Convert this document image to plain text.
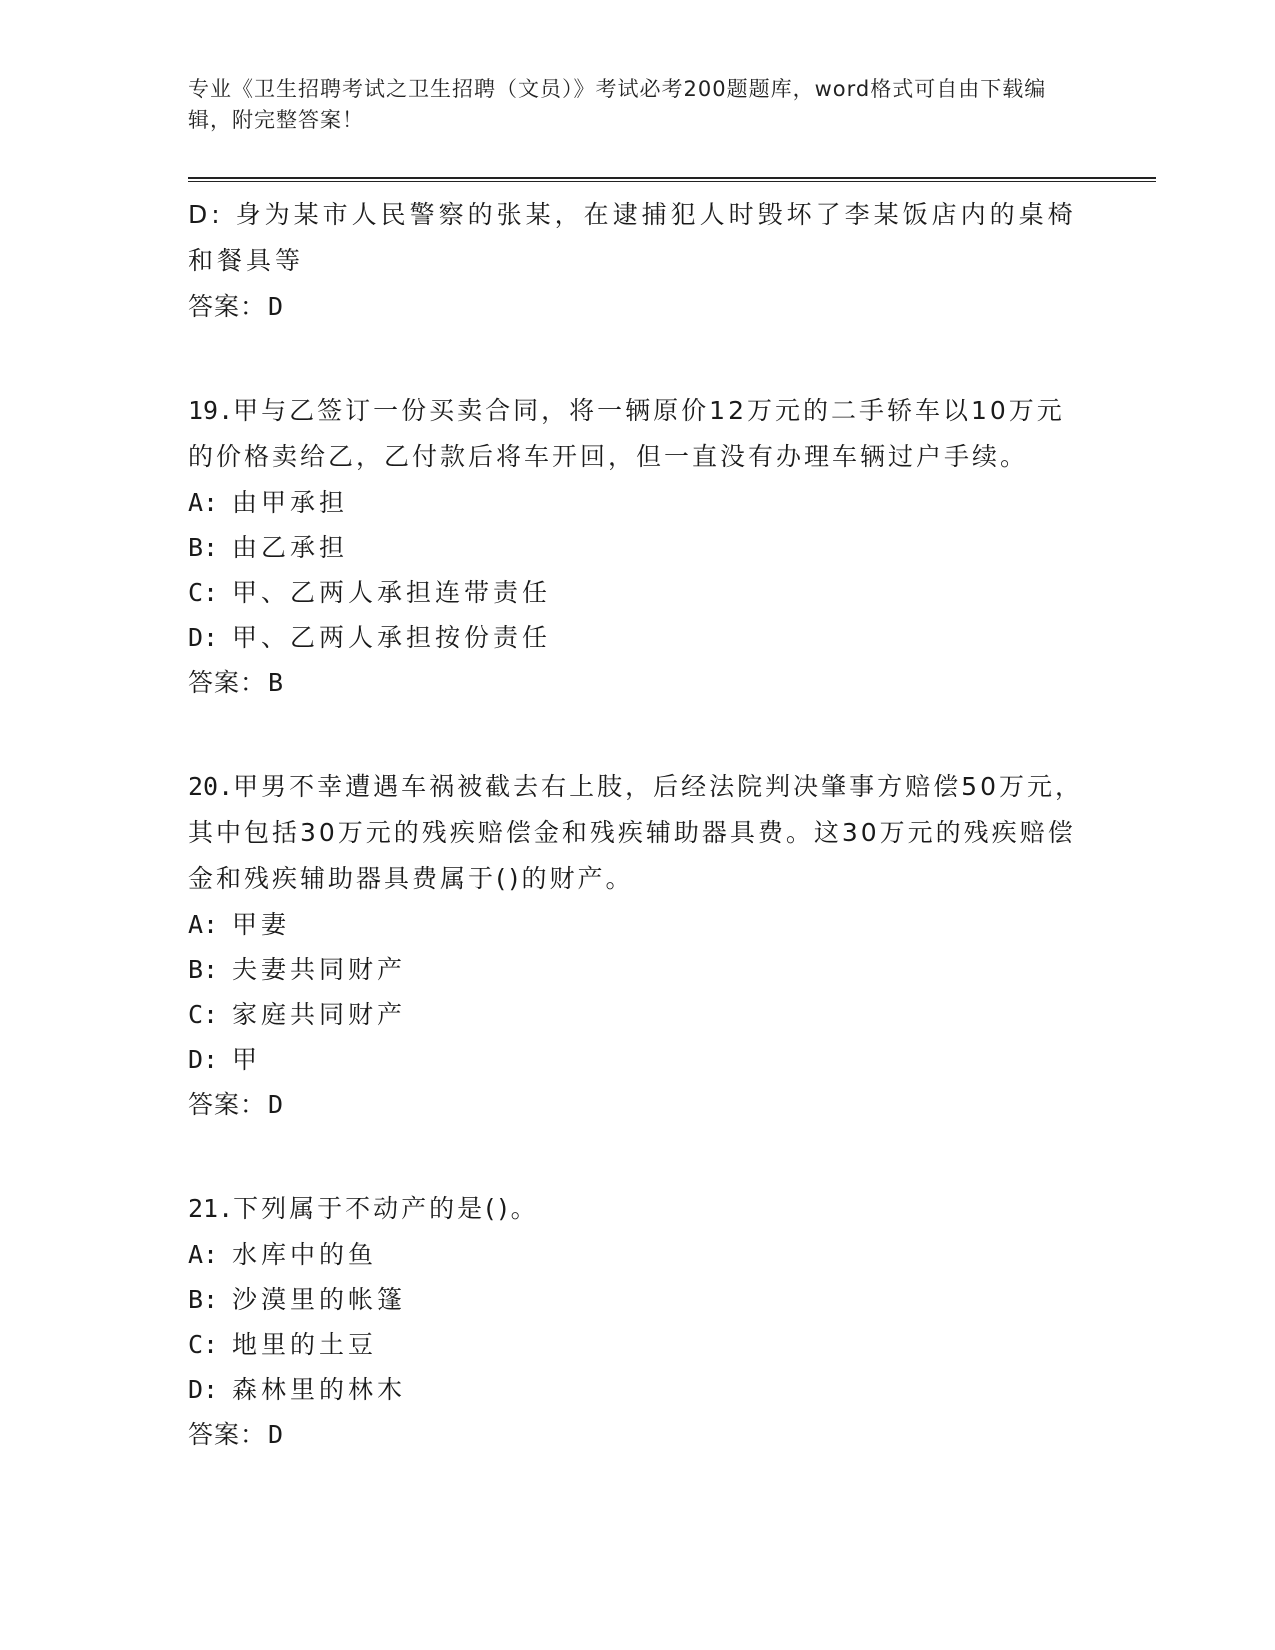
专业《卫生招聘考试之卫生招聘（文员）》考试必考200题题库，word格式可自由下载编辑，附完整答案！
D: 身为某市人民警察的张某，在逮捕犯人时毁坏了李某饭店内的桌椅和餐具等
答案：D
19.甲与乙签订一份买卖合同，将一辆原价12万元的二手轿车以10万元的价格卖给乙，乙付款后将车开回，但一直没有办理车辆过户手续。
A: 由甲承担
B: 由乙承担
C: 甲、乙两人承担连带责任
D: 甲、乙两人承担按份责任
答案：B
20.甲男不幸遭遇车祸被截去右上肢，后经法院判决肇事方赔偿50万元，其中包括30万元的残疾赔偿金和残疾辅助器具费。这30万元的残疾赔偿金和残疾辅助器具费属于()的财产。
A: 甲妻
B: 夫妻共同财产
C: 家庭共同财产
D: 甲
答案：D
21.下列属于不动产的是()。
A: 水库中的鱼
B: 沙漠里的帐篷
C: 地里的土豆
D: 森林里的林木
答案：D
